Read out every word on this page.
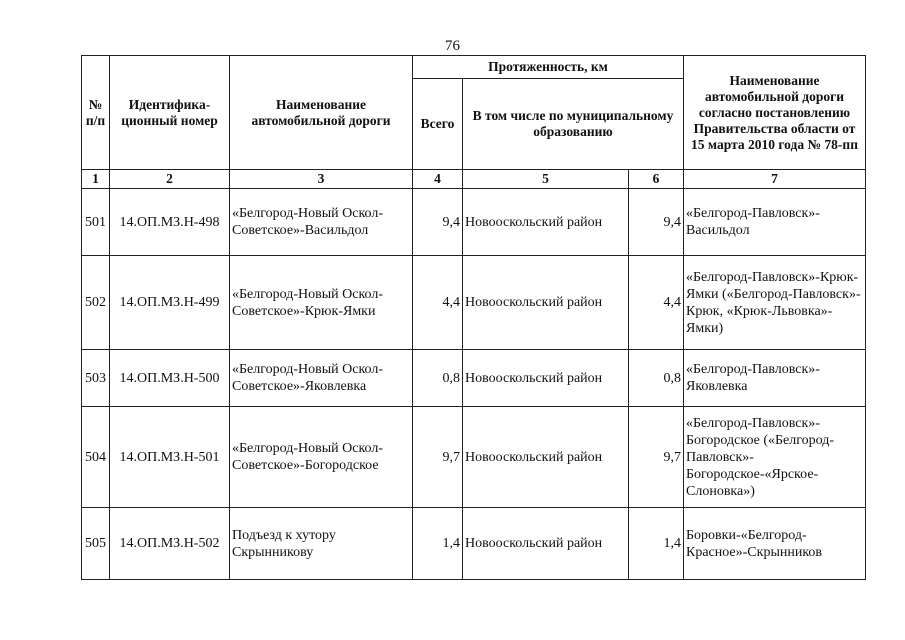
76
№ п/п	Идентифика-ционный номер	Наименование автомобильной дороги	Протяженность, км			Наименование автомобильной дороги согласно постановлению Правительства области от 15 марта 2010 года № 78-пп
			Всего	В том числе по муниципальному образованию		
1	2	3	4	5	6	7
501	14.ОП.МЗ.Н-498	«Белгород-Новый Оскол-Советское»-Васильдол	9,4	Новооскольский район	9,4	«Белгород-Павловск»-Васильдол
502	14.ОП.МЗ.Н-499	«Белгород-Новый Оскол-Советское»-Крюк-Ямки	4,4	Новооскольский район	4,4	«Белгород-Павловск»-Крюк-Ямки («Белгород-Павловск»-Крюк, «Крюк-Львовка»-Ямки)
503	14.ОП.МЗ.Н-500	«Белгород-Новый Оскол-Советское»-Яковлевка	0,8	Новооскольский район	0,8	«Белгород-Павловск»-Яковлевка
504	14.ОП.МЗ.Н-501	«Белгород-Новый Оскол-Советское»-Богородское	9,7	Новооскольский район	9,7	«Белгород-Павловск»-Богородское («Белгород-Павловск»-Богородское-«Ярское-Слоновка»)
505	14.ОП.МЗ.Н-502	Подъезд к хутору Скрынникову	1,4	Новооскольский район	1,4	Боровки-«Белгород-Красное»-Скрынников
